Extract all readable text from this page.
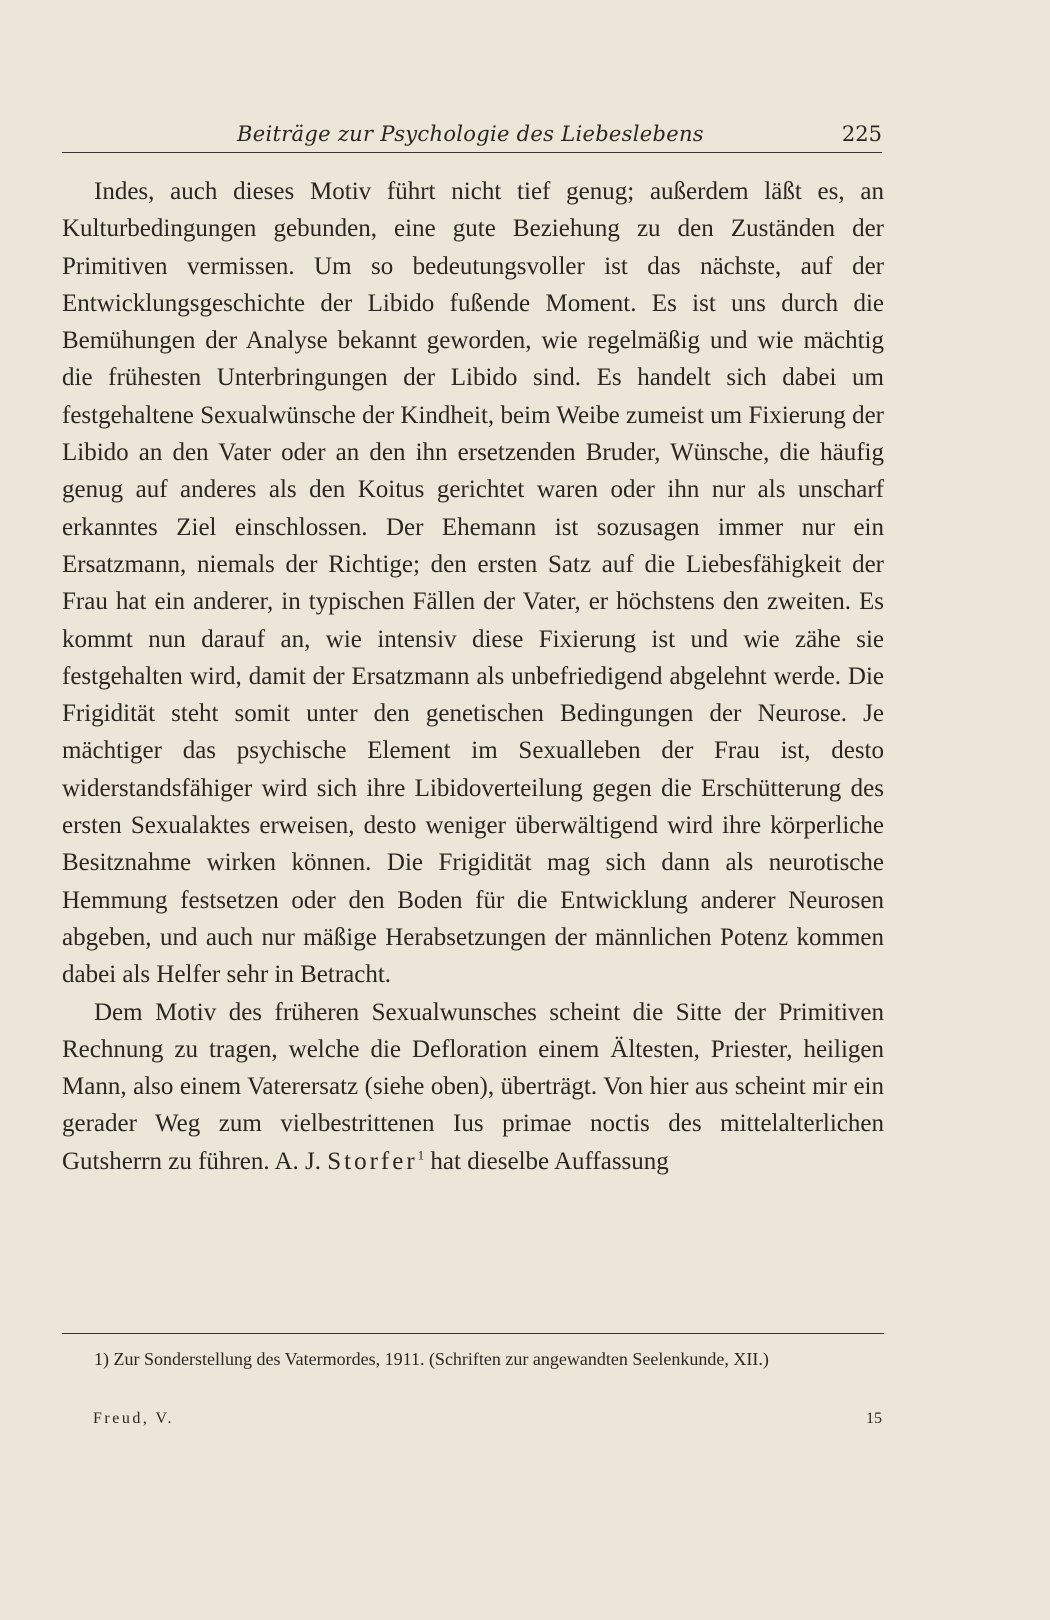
Beiträge zur Psychologie des Liebeslebens	225

Indes, auch dieses Motiv führt nicht tief genug; außerdem läßt es, an Kulturbedingungen gebunden, eine gute Beziehung zu den Zuständen der Primitiven vermissen. Um so bedeutungsvoller ist das nächste, auf der Entwicklungsgeschichte der Libido fußende Moment. Es ist uns durch die Bemühungen der Analyse bekannt geworden, wie regelmäßig und wie mächtig die frühesten Unterbringungen der Libido sind. Es handelt sich dabei um festgehaltene Sexualwünsche der Kindheit, beim Weibe zumeist um Fixierung der Libido an den Vater oder an den ihn ersetzenden Bruder, Wünsche, die häufig genug auf anderes als den Koitus gerichtet waren oder ihn nur als unscharf erkanntes Ziel einschlossen. Der Ehemann ist sozusagen immer nur ein Ersatzmann, niemals der Richtige; den ersten Satz auf die Liebesfähigkeit der Frau hat ein anderer, in typischen Fällen der Vater, er höchstens den zweiten. Es kommt nun darauf an, wie intensiv diese Fixierung ist und wie zähe sie festgehalten wird, damit der Ersatzmann als unbefriedigend abgelehnt werde. Die Frigidität steht somit unter den genetischen Bedingungen der Neurose. Je mächtiger das psychische Element im Sexualleben der Frau ist, desto widerstandsfähiger wird sich ihre Libidoverteilung gegen die Erschütterung des ersten Sexualaktes erweisen, desto weniger überwältigend wird ihre körperliche Besitznahme wirken können. Die Frigidität mag sich dann als neurotische Hemmung festsetzen oder den Boden für die Entwicklung anderer Neurosen abgeben, und auch nur mäßige Herabsetzungen der männlichen Potenz kommen dabei als Helfer sehr in Betracht.

Dem Motiv des früheren Sexualwunsches scheint die Sitte der Primitiven Rechnung zu tragen, welche die Defloration einem Ältesten, Priester, heiligen Mann, also einem Vaterersatz (siehe oben), überträgt. Von hier aus scheint mir ein gerader Weg zum vielbestrittenen Ius primae noctis des mittelalterlichen Gutsherrn zu führen. A. J. Storfer$^1$ hat dieselbe Auffassung

1) Zur Sonderstellung des Vatermordes, 1911. (Schriften zur angewandten Seelenkunde, XII.)

Freud, V.	15
